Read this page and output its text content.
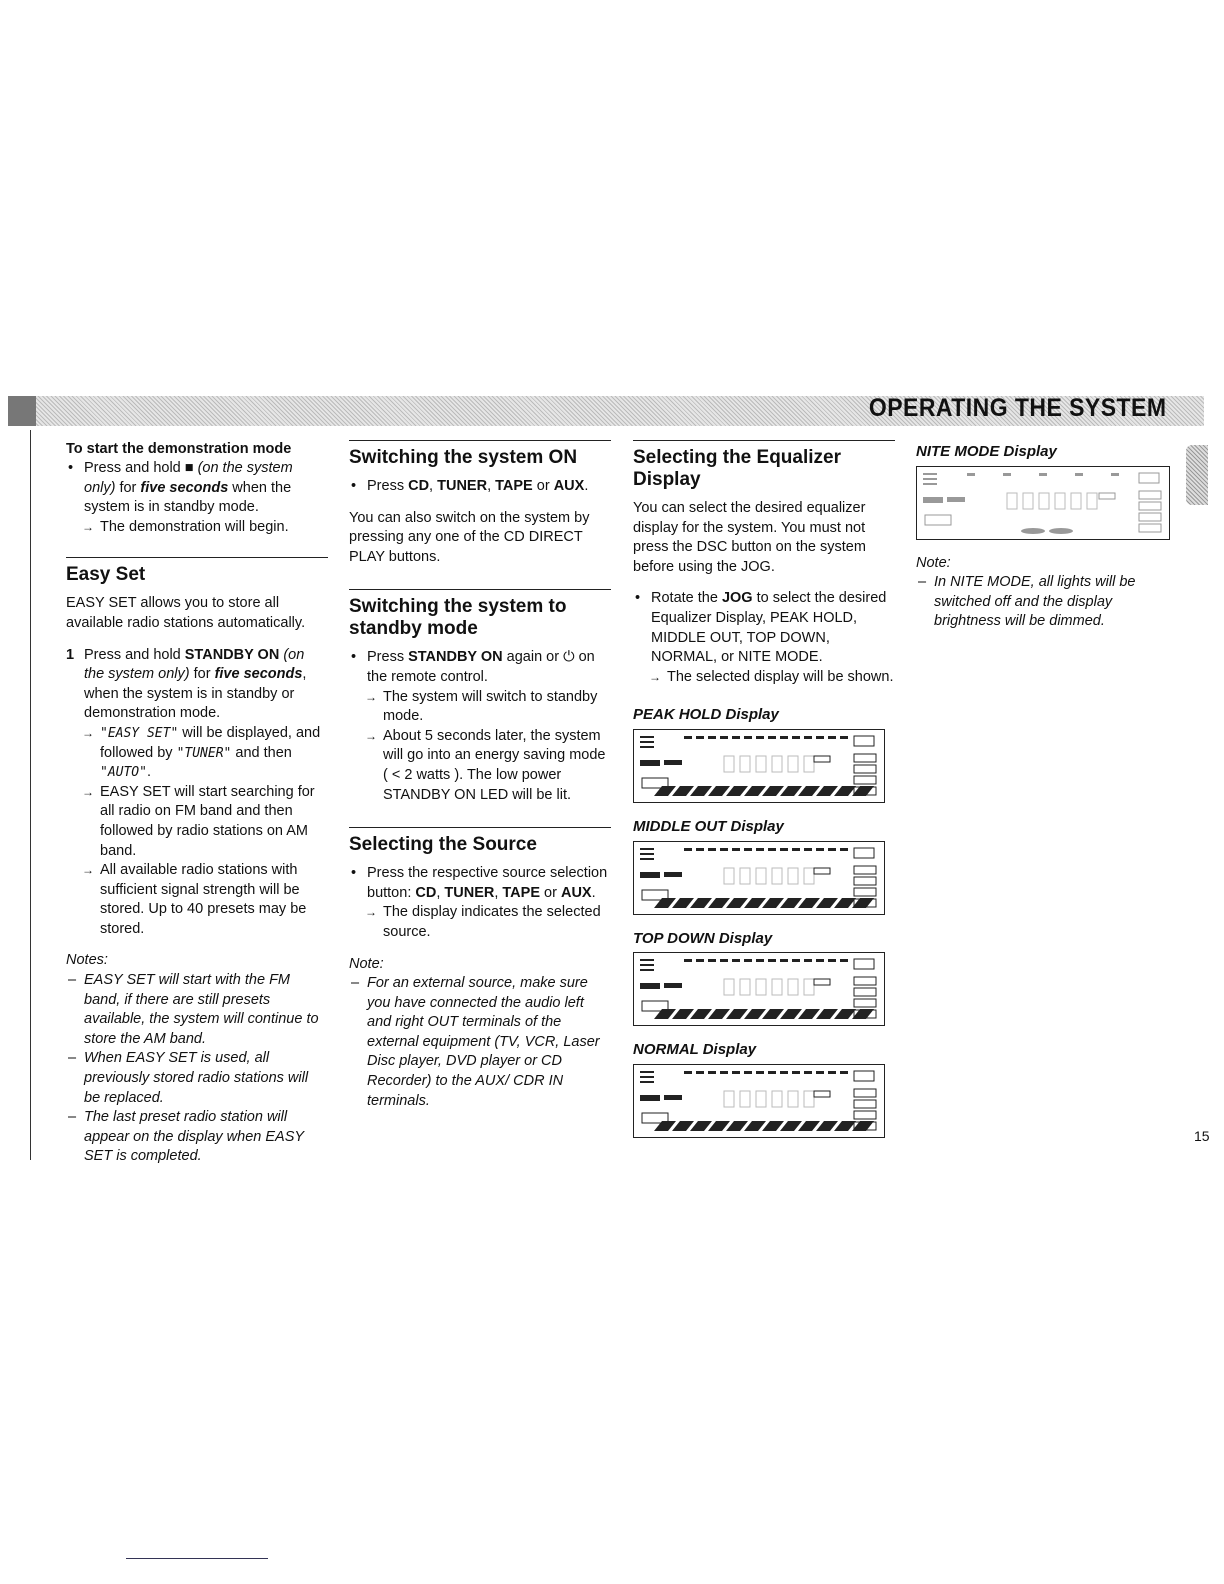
OPERATING THE SYSTEM
To start the demonstration mode

• Press and hold ■ (on the system only) for five seconds when the system is in standby mode.

→ The demonstration will begin.

Easy Set

EASY SET allows you to store all available radio stations automatically.

1 Press and hold STANDBY ON (on the system only) for five seconds, when the system is in standby or demonstration mode.

→ "EASY SET" will be displayed, and followed by "TUNER" and then "AUTO".

→ EASY SET will start searching for all radio on FM band and then followed by radio stations on AM band.

→ All available radio stations with sufficient signal strength will be stored. Up to 40 presets may be stored.

Notes:

– EASY SET will start with the FM band, if there are still presets available, the system will continue to store the AM band.

– When EASY SET is used, all previously stored radio stations will be replaced.

– The last preset radio station will appear on the display when EASY SET is completed.

Switching the system ON

• Press CD, TUNER, TAPE or AUX.

You can also switch on the system by pressing any one of the CD DIRECT PLAY buttons.

Switching the system to standby mode

• Press STANDBY ON again or ⏻ on the remote control.

→ The system will switch to standby mode.

→ About 5 seconds later, the system will go into an energy saving mode ( < 2 watts ). The low power STANDBY ON LED will be lit.

Selecting the Source

• Press the respective source selection button: CD, TUNER, TAPE or AUX.

→ The display indicates the selected source.

Note:

– For an external source, make sure you have connected the audio left and right OUT terminals of the external equipment (TV, VCR, Laser Disc player, DVD player or CD Recorder) to the AUX/ CDR IN terminals.

Selecting the Equalizer Display

You can select the desired equalizer display for the system. You must not press the DSC button on the system before using the JOG.

• Rotate the JOG to select the desired Equalizer Display, PEAK HOLD, MIDDLE OUT, TOP DOWN, NORMAL, or NITE MODE.

→ The selected display will be shown.

PEAK HOLD Display
MIDDLE OUT Display
TOP DOWN Display
NORMAL Display
NITE MODE Display

Note:

– In NITE MODE, all lights will be switched off and the display brightness will be dimmed.

15
